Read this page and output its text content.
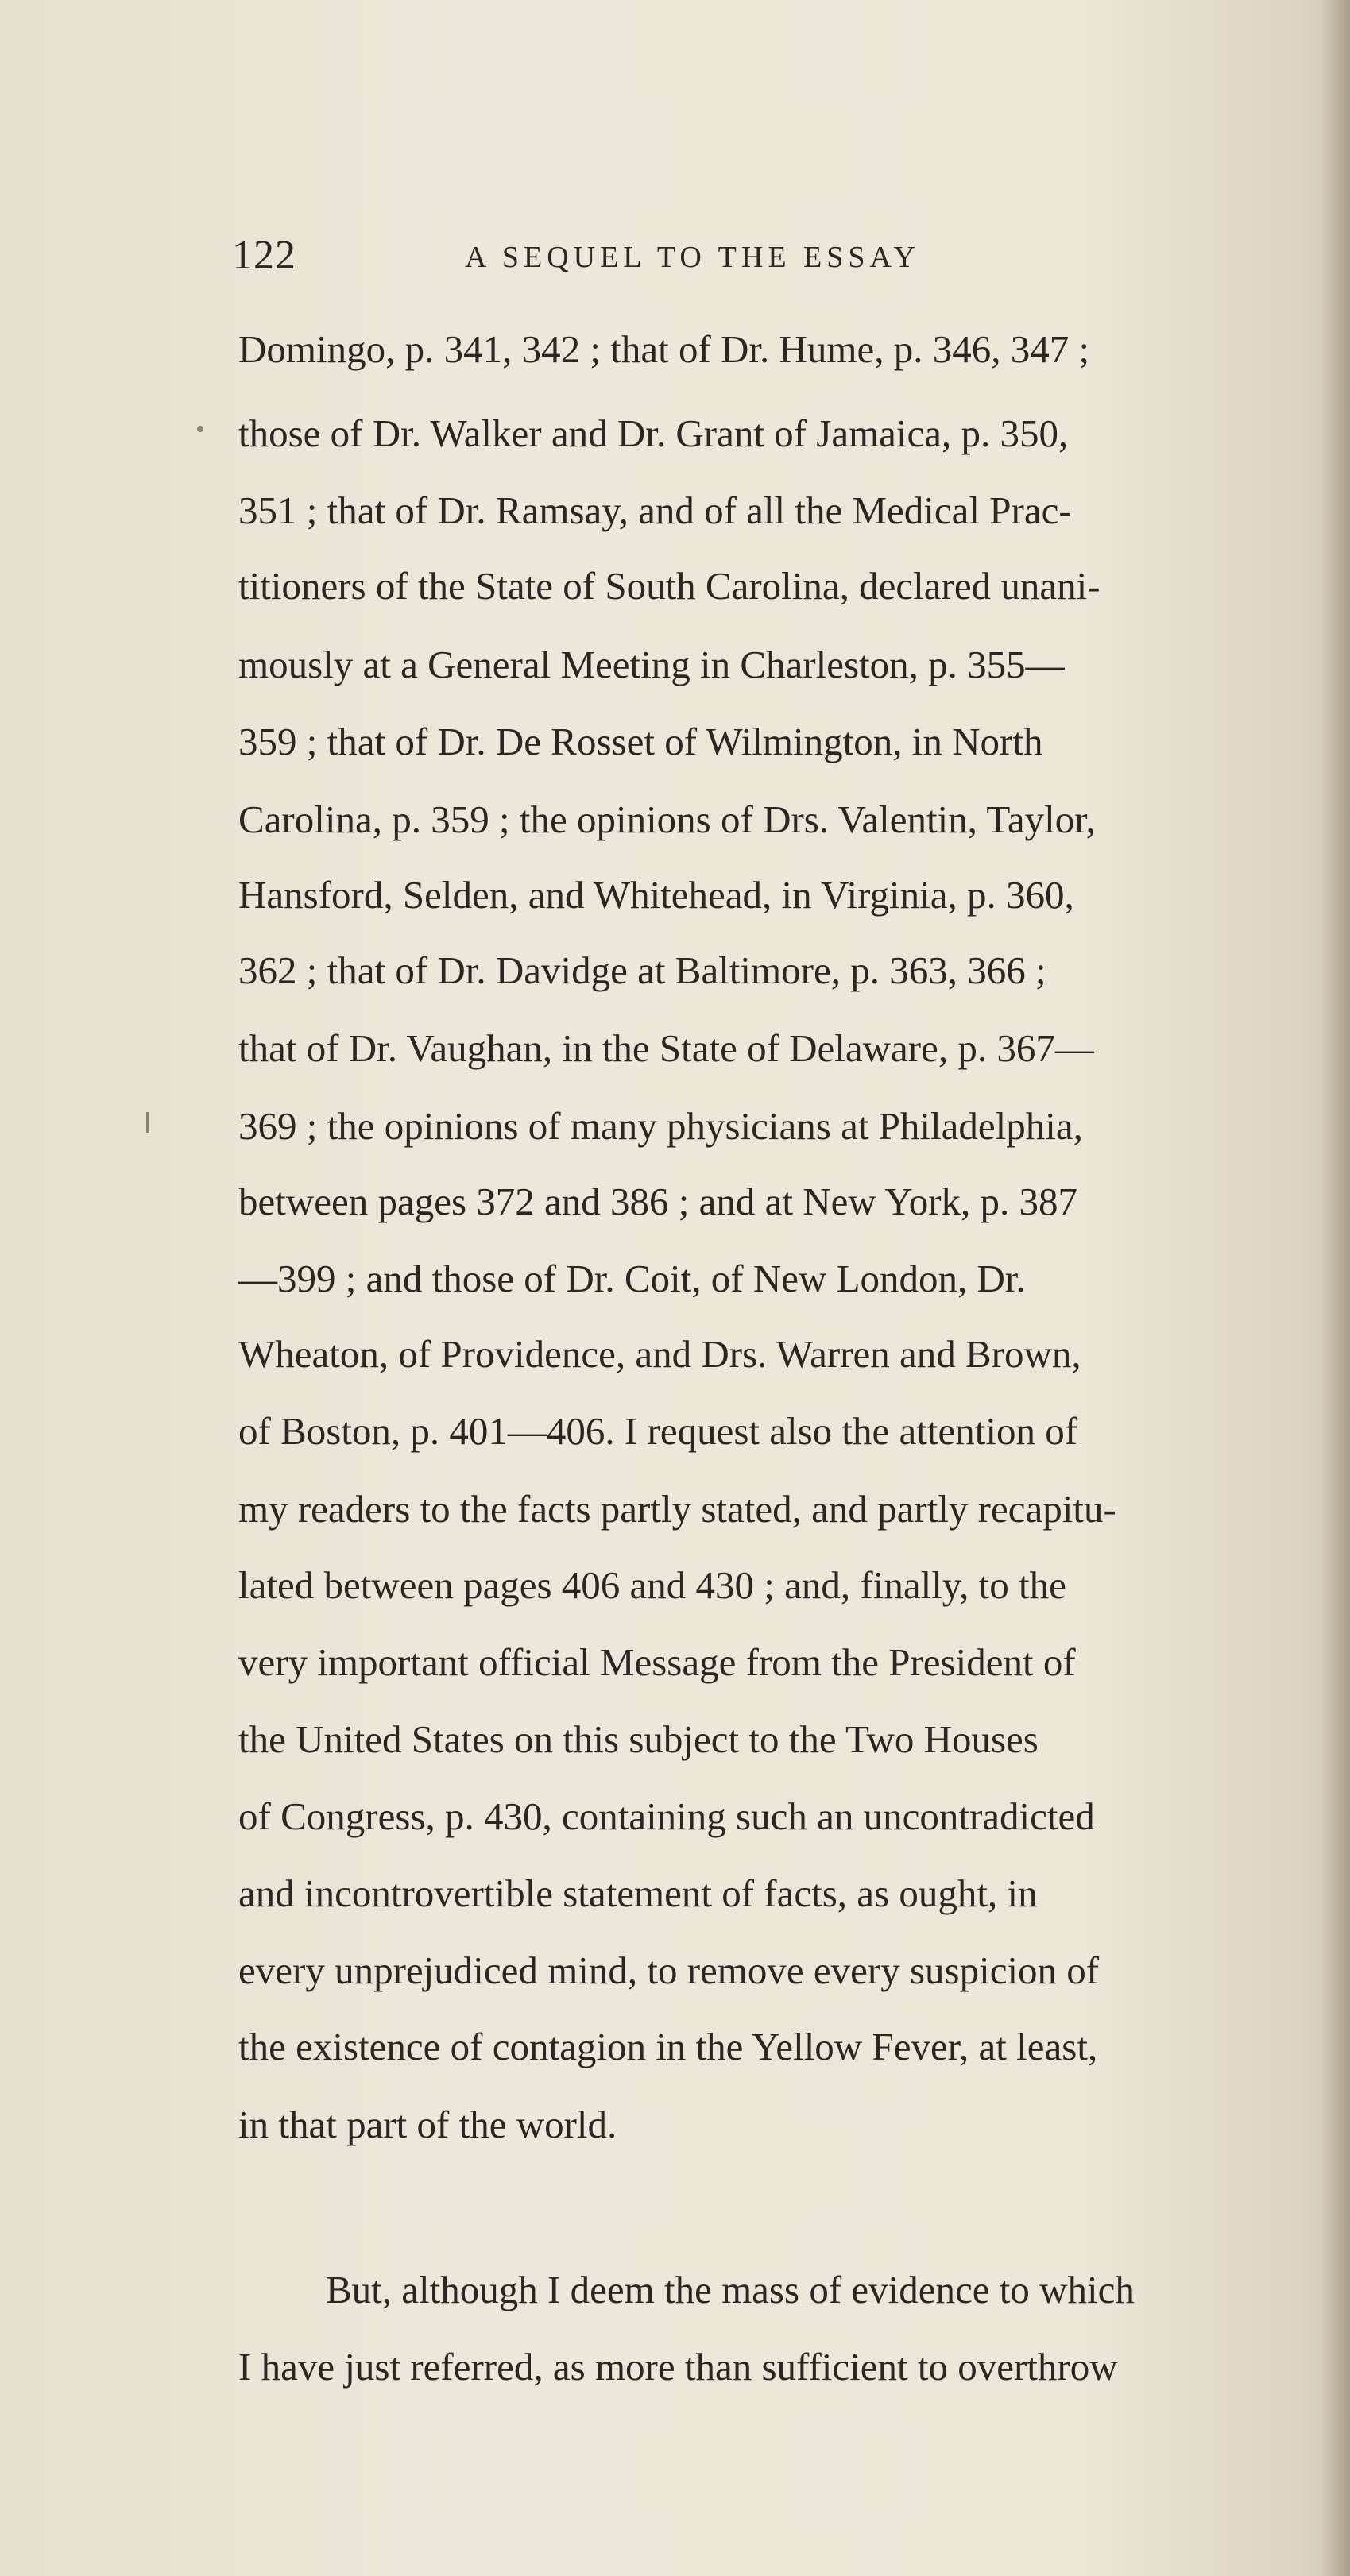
122	A SEQUEL TO THE ESSAY
Domingo, p. 341, 342 ; that of Dr. Hume, p. 346, 347 ;
those of Dr. Walker and Dr. Grant of Jamaica, p. 350,
351 ; that of Dr. Ramsay, and of all the Medical Prac-
titioners of the State of South Carolina, declared unani-
mously at a General Meeting in Charleston, p. 355—
359 ; that of Dr. De Rosset of Wilmington, in North
Carolina, p. 359 ; the opinions of Drs. Valentin, Taylor,
Hansford, Selden, and Whitehead, in Virginia, p. 360,
362 ; that of Dr. Davidge at Baltimore, p. 363, 366 ;
that of Dr. Vaughan, in the State of Delaware, p. 367—
369 ; the opinions of many physicians at Philadelphia,
between pages 372 and 386 ; and at New York, p. 387
—399 ; and those of Dr. Coit, of New London, Dr.
Wheaton, of Providence, and Drs. Warren and Brown,
of Boston, p. 401—406. I request also the attention of
my readers to the facts partly stated, and partly recapitu-
lated between pages 406 and 430 ; and, finally, to the
very important official Message from the President of
the United States on this subject to the Two Houses
of Congress, p. 430, containing such an uncontradicted
and incontrovertible statement of facts, as ought, in
every unprejudiced mind, to remove every suspicion of
the existence of contagion in the Yellow Fever, at least,
in that part of the world.
But, although I deem the mass of evidence to which
I have just referred, as more than sufficient to overthrow
